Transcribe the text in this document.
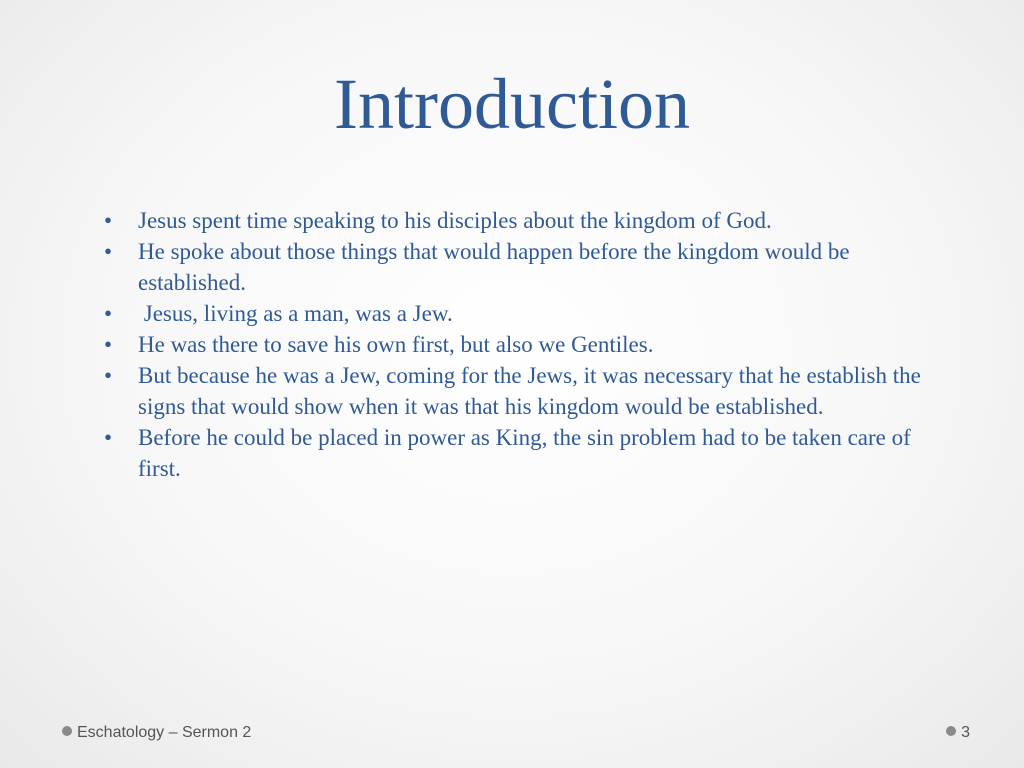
Introduction
• Jesus spent time speaking to his disciples about the kingdom of God.
• He spoke about those things that would happen before the kingdom would be established.
• Jesus, living as a man, was a Jew.
• He was there to save his own first, but also we Gentiles.
• But because he was a Jew, coming for the Jews, it was necessary that he establish the signs that would show when it was that his kingdom would be established.
• Before he could be placed in power as King, the sin problem had to be taken care of first.
Eschatology – Sermon 2	3
